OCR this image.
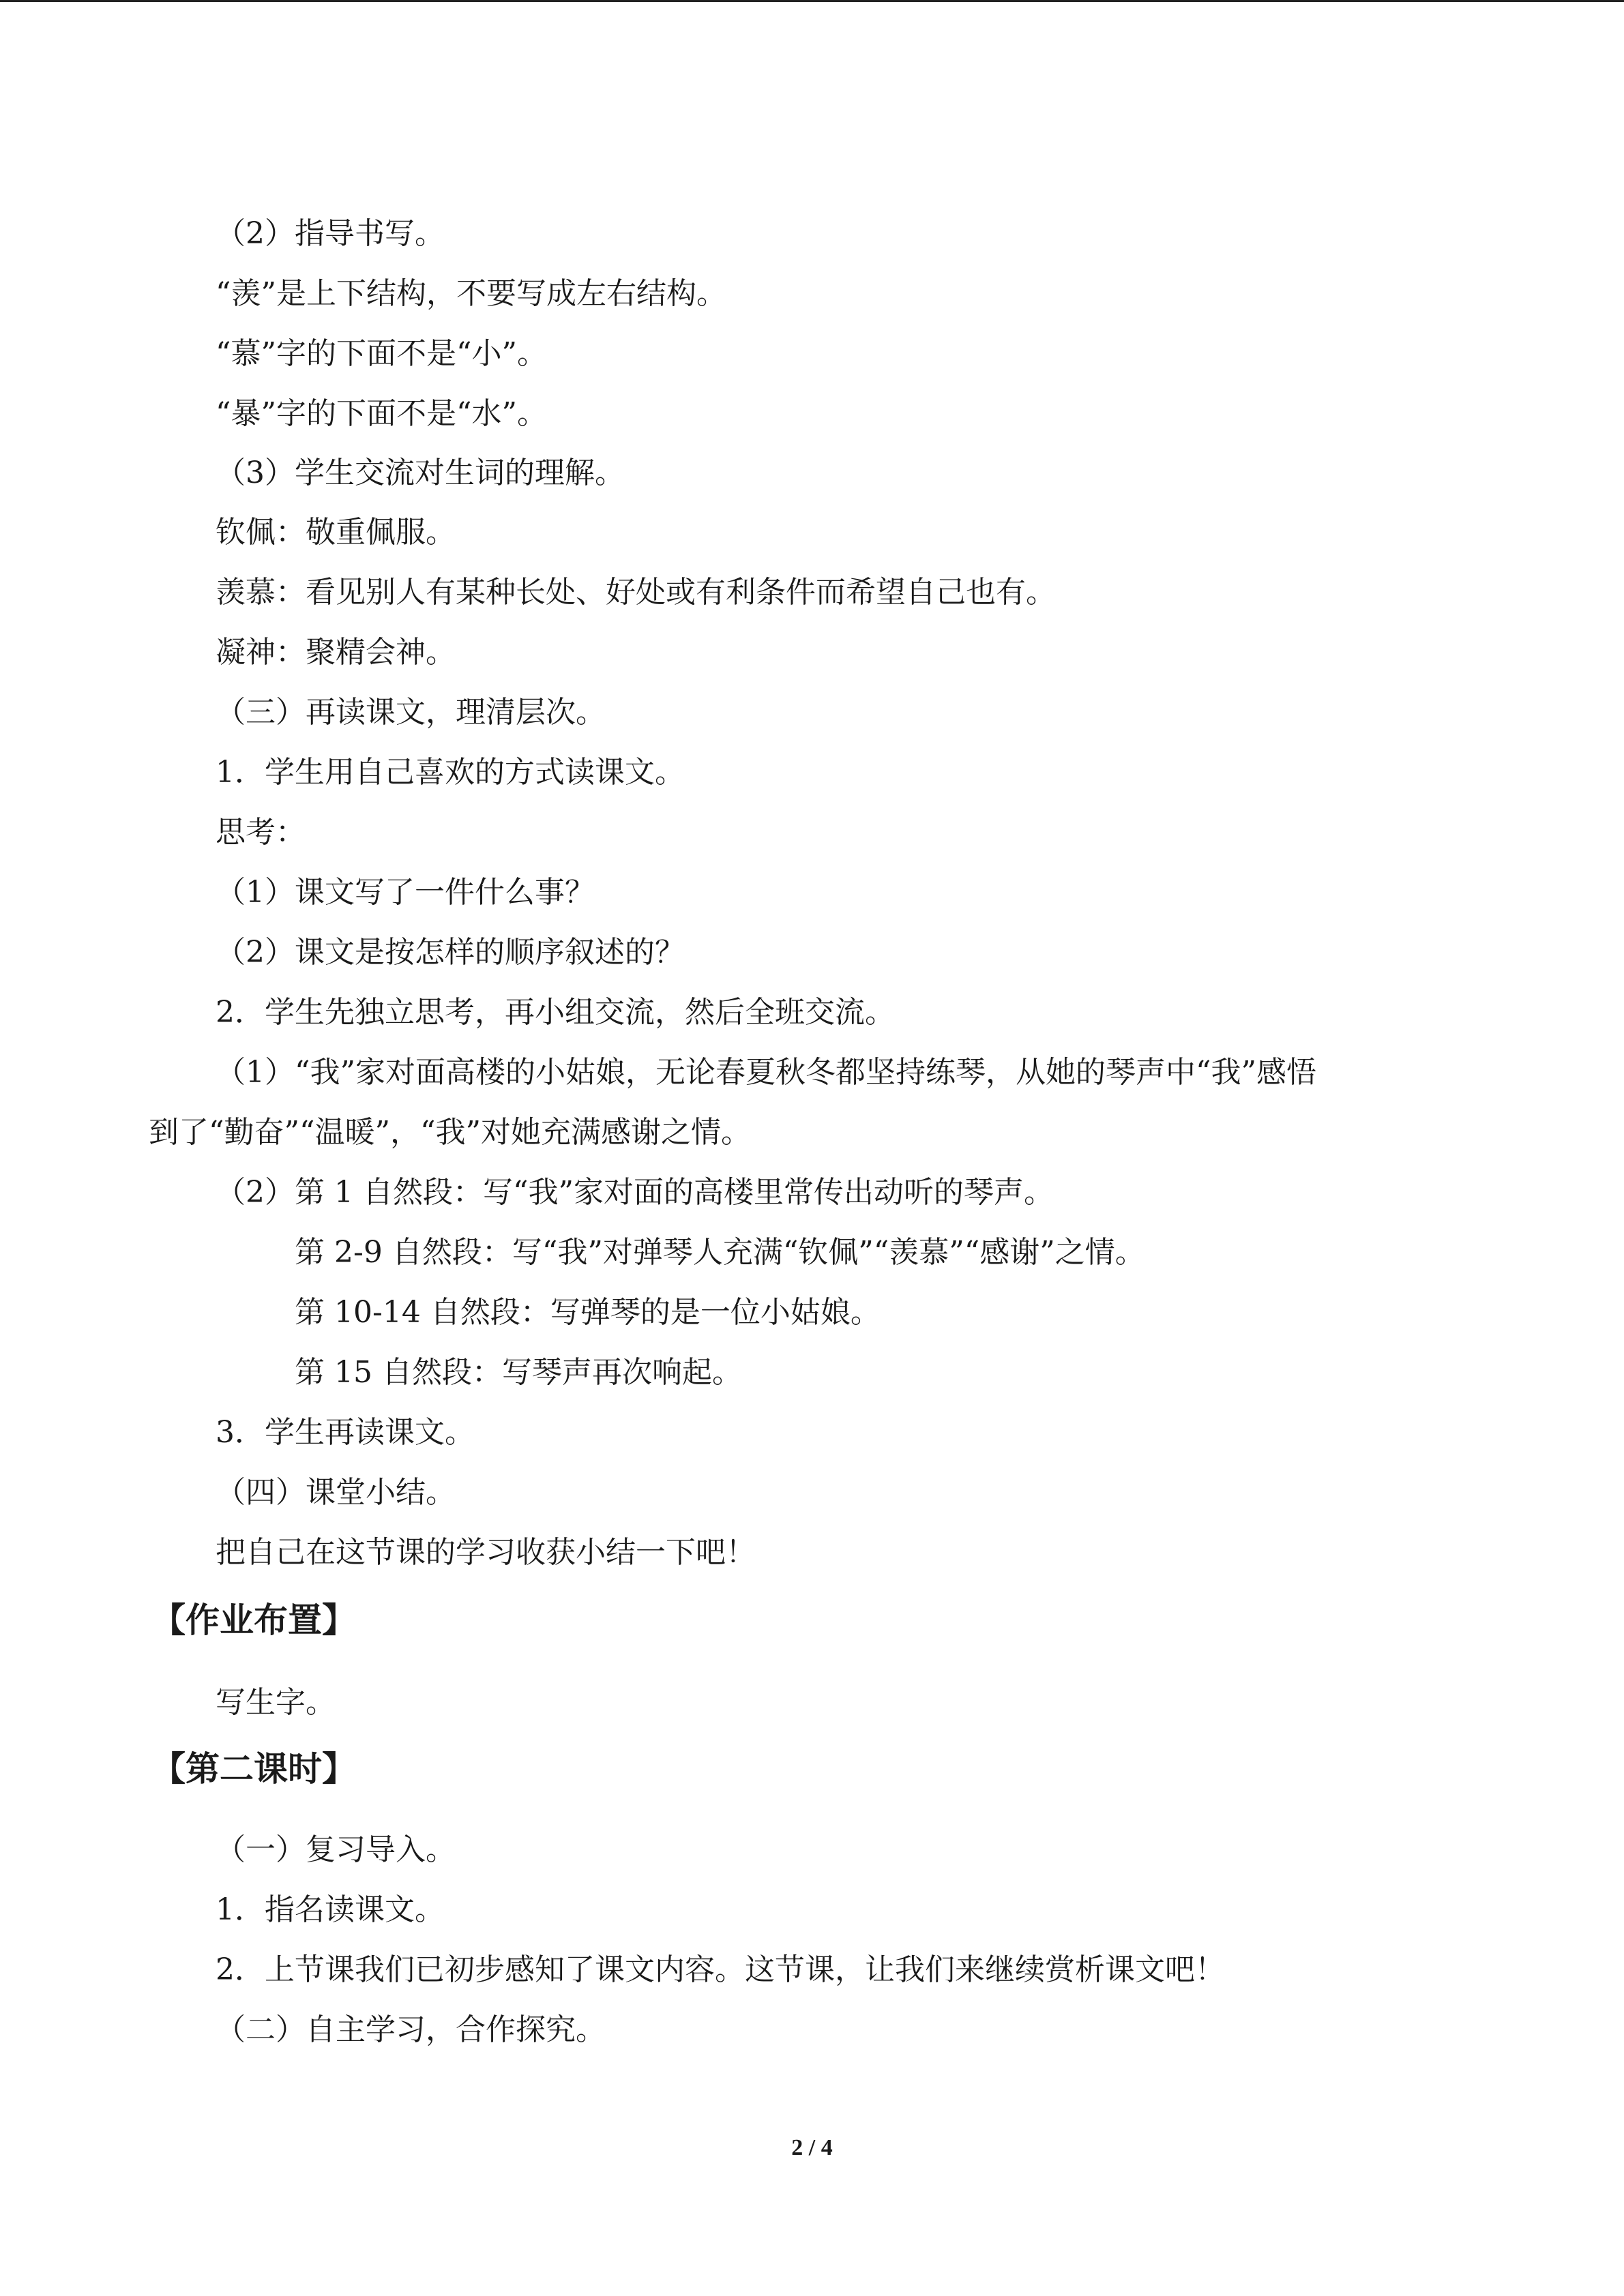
（2）指导书写。
“羡”是上下结构，不要写成左右结构。
“慕”字的下面不是“小”。
“暴”字的下面不是“水”。
（3）学生交流对生词的理解。
钦佩：敬重佩服。
羡慕：看见别人有某种长处、好处或有利条件而希望自己也有。
凝神：聚精会神。
（三）再读课文，理清层次。
1．学生用自己喜欢的方式读课文。
思考：
（1）课文写了一件什么事？
（2）课文是按怎样的顺序叙述的？
2．学生先独立思考，再小组交流，然后全班交流。
（1）“我”家对面高楼的小姑娘，无论春夏秋冬都坚持练琴，从她的琴声中“我”感悟
到了“勤奋”“温暖”，“我”对她充满感谢之情。
（2）第 1 自然段：写“我”家对面的高楼里常传出动听的琴声。
第 2-9 自然段：写“我”对弹琴人充满“钦佩”“羡慕”“感谢”之情。
第 10-14 自然段：写弹琴的是一位小姑娘。
第 15 自然段：写琴声再次响起。
3．学生再读课文。
（四）课堂小结。
把自己在这节课的学习收获小结一下吧！
【作业布置】
写生字。
【第二课时】
（一）复习导入。
1．指名读课文。
2．上节课我们已初步感知了课文内容。这节课，让我们来继续赏析课文吧！
（二）自主学习，合作探究。
2 / 4
